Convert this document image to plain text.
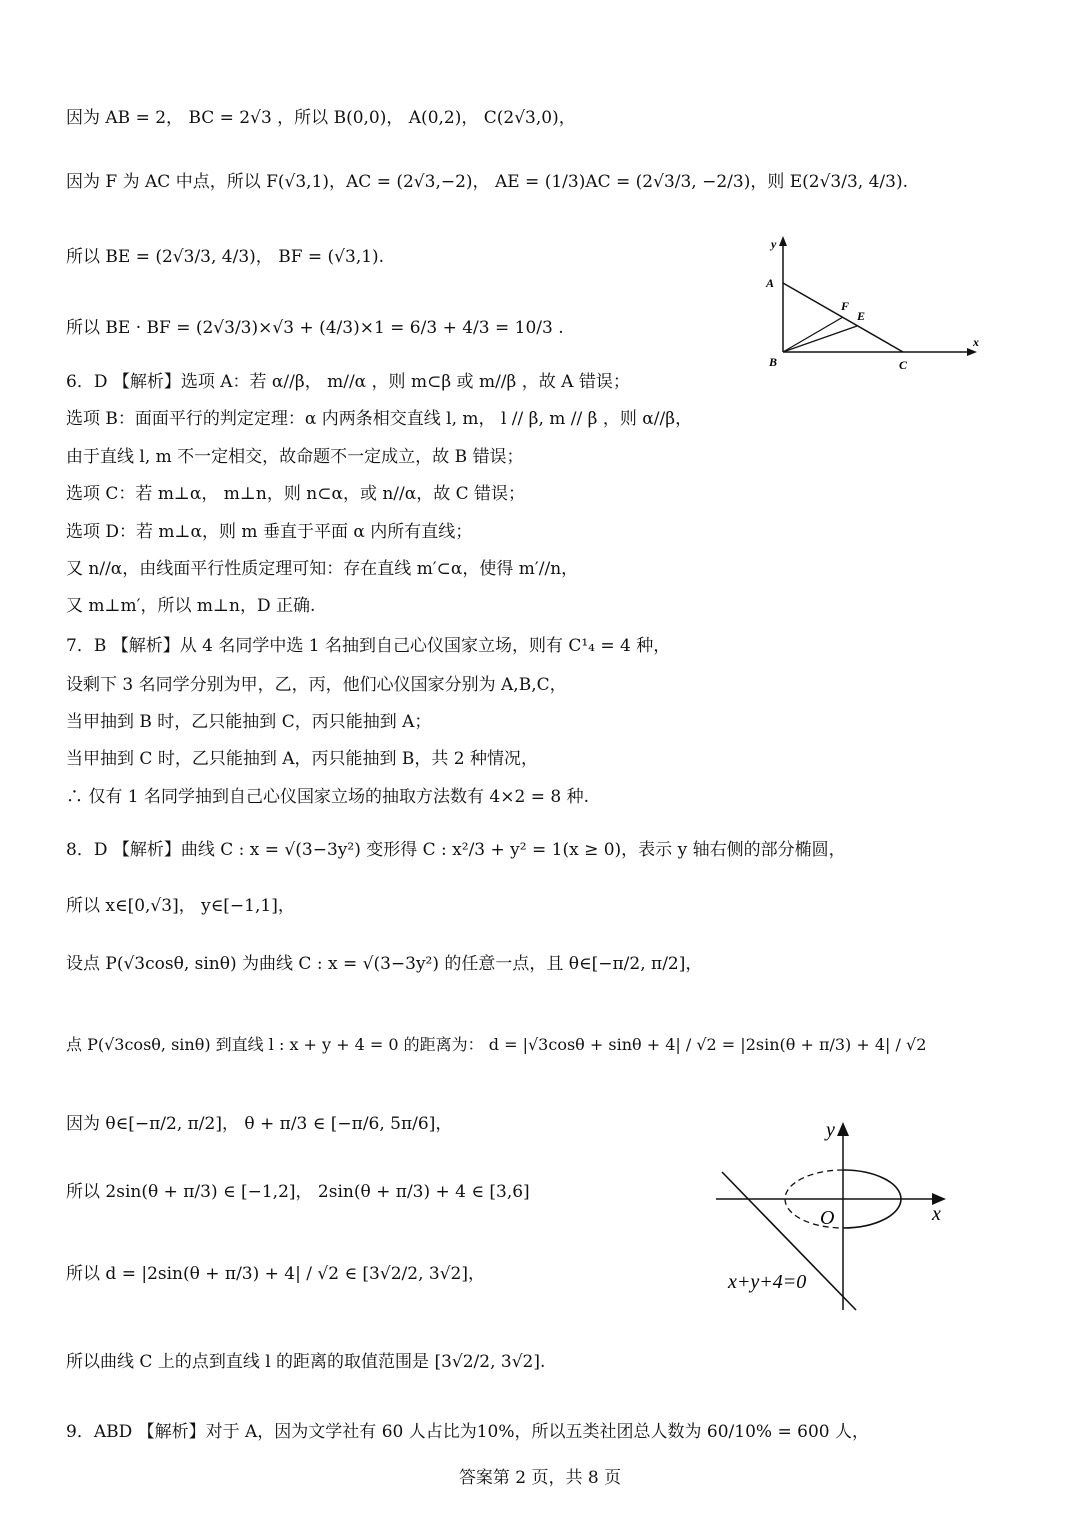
因为 AB = 2， BC = 2√3 ，所以 B(0,0)， A(0,2)， C(2√3,0)，
因为 F 为 AC 中点，所以 F(√3,1)，AC = (2√3,−2)， AE = (1/3)AC = (2√3/3, −2/3)，则 E(2√3/3, 4/3).
所以 BE = (2√3/3, 4/3)， BF = (√3,1).
所以 BE · BF = (2√3/3)×√3 + (4/3)×1 = 6/3 + 4/3 = 10/3 .
6．D 【解析】选项 A：若 α//β， m//α ，则 m⊂β 或 m//β ，故 A 错误；
选项 B：面面平行的判定定理：α 内两条相交直线 l, m， l // β, m // β ，则 α//β，
由于直线 l, m 不一定相交，故命题不一定成立，故 B 错误；
选项 C：若 m⊥α， m⊥n，则 n⊂α，或 n//α，故 C 错误；
选项 D：若 m⊥α，则 m 垂直于平面 α 内所有直线；
又 n//α，由线面平行性质定理可知：存在直线 m′⊂α，使得 m′//n，
又 m⊥m′，所以 m⊥n，D 正确.
7．B 【解析】从 4 名同学中选 1 名抽到自己心仪国家立场，则有 C¹₄ = 4 种，
设剩下 3 名同学分别为甲，乙，丙，他们心仪国家分别为 A,B,C，
当甲抽到 B 时，乙只能抽到 C，丙只能抽到 A；
当甲抽到 C 时，乙只能抽到 A，丙只能抽到 B，共 2 种情况，
∴ 仅有 1 名同学抽到自己心仪国家立场的抽取方法数有 4×2 = 8 种.
8．D 【解析】曲线 C : x = √(3−3y²) 变形得 C : x²/3 + y² = 1(x ≥ 0)，表示 y 轴右侧的部分椭圆，
所以 x∈[0,√3]， y∈[−1,1]，
设点 P(√3cosθ, sinθ) 为曲线 C : x = √(3−3y²) 的任意一点，且 θ∈[−π/2, π/2]，
点 P(√3cosθ, sinθ) 到直线 l : x + y + 4 = 0 的距离为： d = |√3cosθ + sinθ + 4| / √2 = |2sin(θ + π/3) + 4| / √2
因为 θ∈[−π/2, π/2]， θ + π/3 ∈ [−π/6, 5π/6]，
所以 2sin(θ + π/3) ∈ [−1,2]， 2sin(θ + π/3) + 4 ∈ [3,6]
所以 d = |2sin(θ + π/3) + 4| / √2 ∈ [3√2/2, 3√2]，
所以曲线 C 上的点到直线 l 的距离的取值范围是 [3√2/2, 3√2].
9．ABD 【解析】对于 A，因为文学社有 60 人占比为10%，所以五类社团总人数为 60/10% = 600 人，
y
A
F
E
B	C
x
y
x
O
x+y+4=0
答案第 2 页，共 8 页
